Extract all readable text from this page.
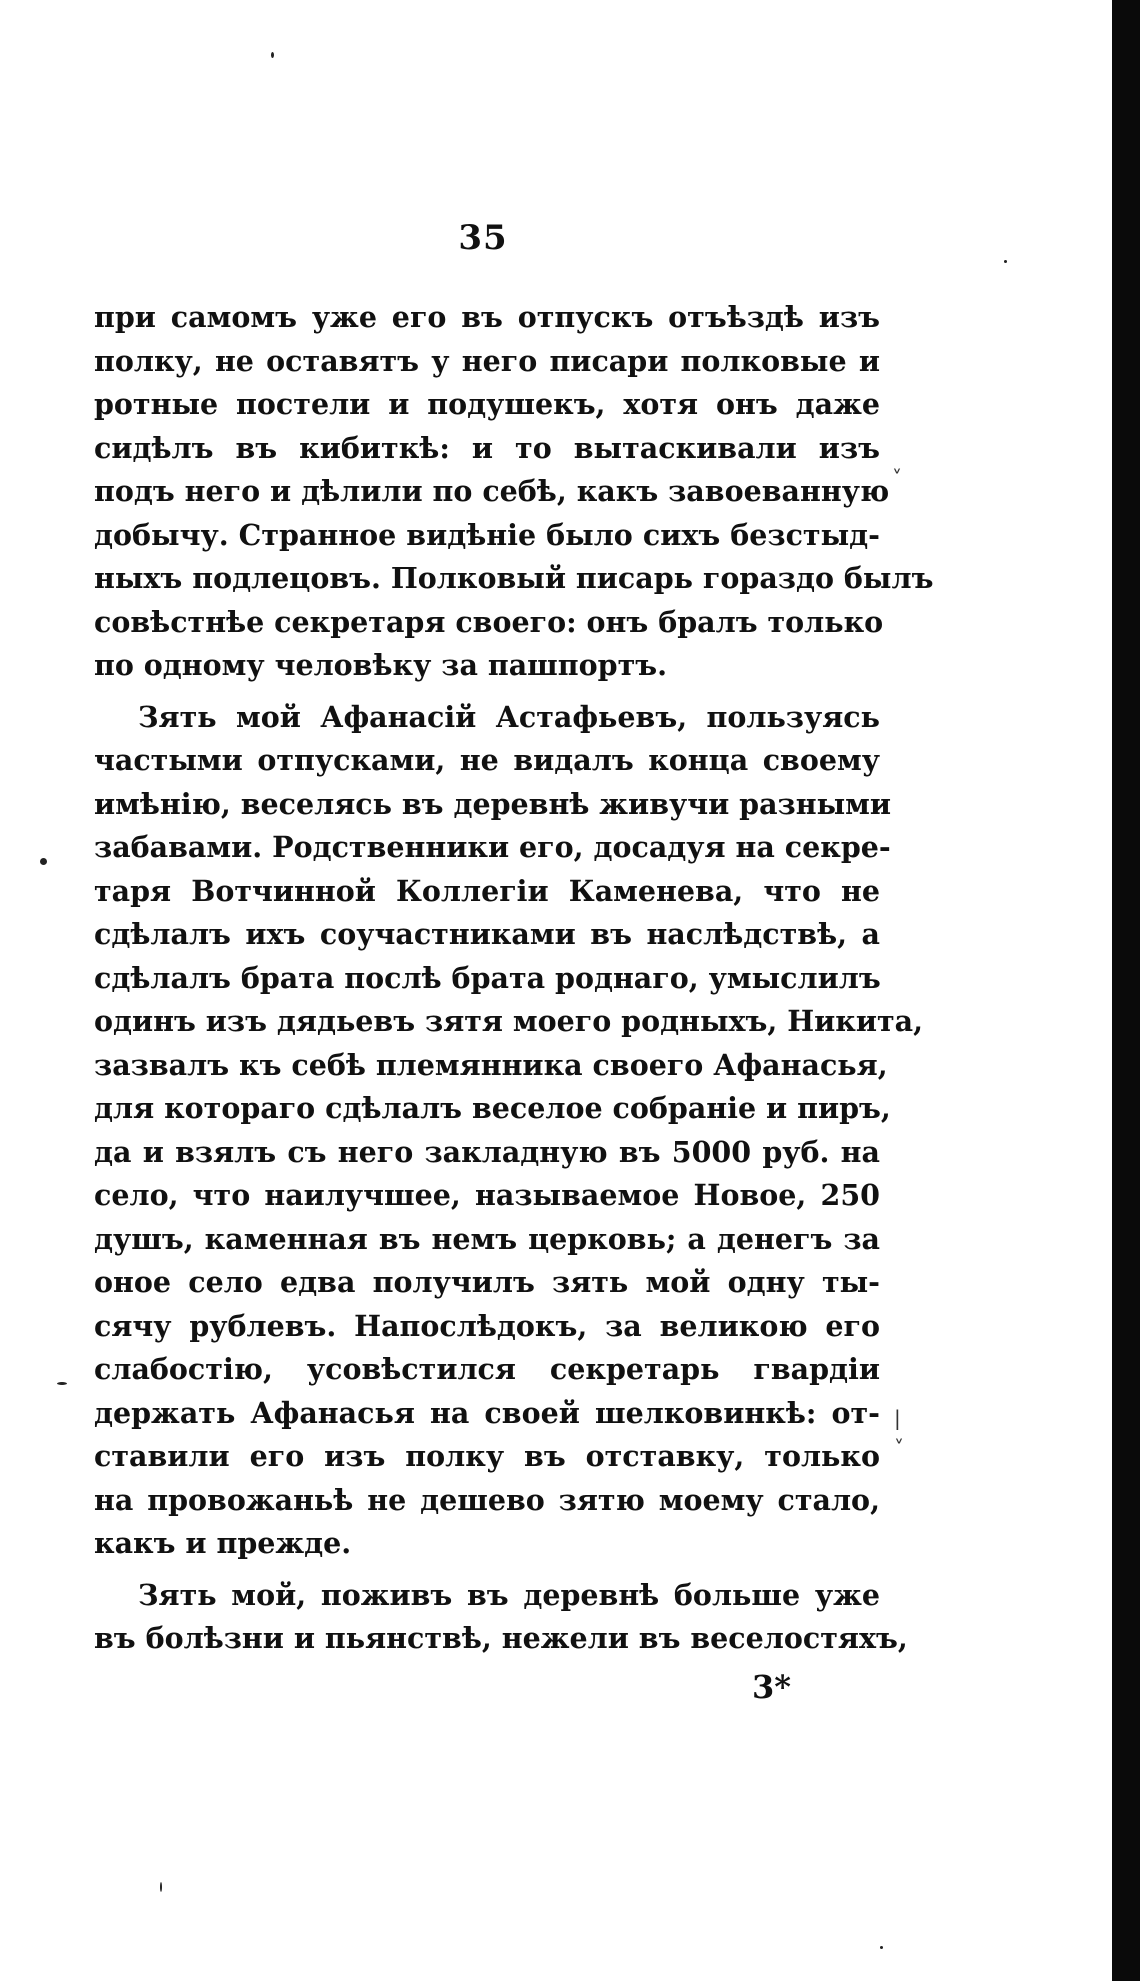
35
при самомъ уже его въ отпускъ отъѣздѣ изъ
полку, не оставятъ у него писари полковые и
ротные постели и подушекъ, хотя онъ даже
сидѣлъ въ кибиткѣ: и то вытаскивали изъ
подъ него и дѣлили по себѣ, какъ завоеванную
добычу. Странное видѣніе было сихъ безстыд-
ныхъ подлецовъ. Полковый писарь гораздо былъ
совѣстнѣе секретаря своего: онъ бралъ только
по одному человѣку за пашпортъ.
Зять мой Афанасій Астафьевъ, пользуясь
частыми отпусками, не видалъ конца своему
имѣнію, веселясь въ деревнѣ живучи разными
забавами. Родственники его, досадуя на секре-
таря Вотчинной Коллегіи Каменева, что не
сдѣлалъ ихъ соучастниками въ наслѣдствѣ, а
сдѣлалъ брата послѣ брата роднаго, умыслилъ
одинъ изъ дядьевъ зятя моего родныхъ, Никита,
зазвалъ къ себѣ племянника своего Афанасья,
для котораго сдѣлалъ веселое собраніе и пиръ,
да и взялъ съ него закладную въ 5000 руб. на
село, что наилучшее, называемое Новое, 250
душъ, каменная въ немъ церковь; а денегъ за
оное село едва получилъ зять мой одну ты-
сячу рублевъ. Напослѣдокъ, за великою его
слабостію, усовѣстился секретарь гвардіи
держать Афанасья на своей шелковинкѣ: от-
ставили его изъ полку въ отставку, только
на провожаньѣ не дешево зятю моему стало,
какъ и прежде.
Зять мой, поживъ въ деревнѣ больше уже
въ болѣзни и пьянствѣ, нежели въ веселостяхъ,
3*
˅
|
˅
